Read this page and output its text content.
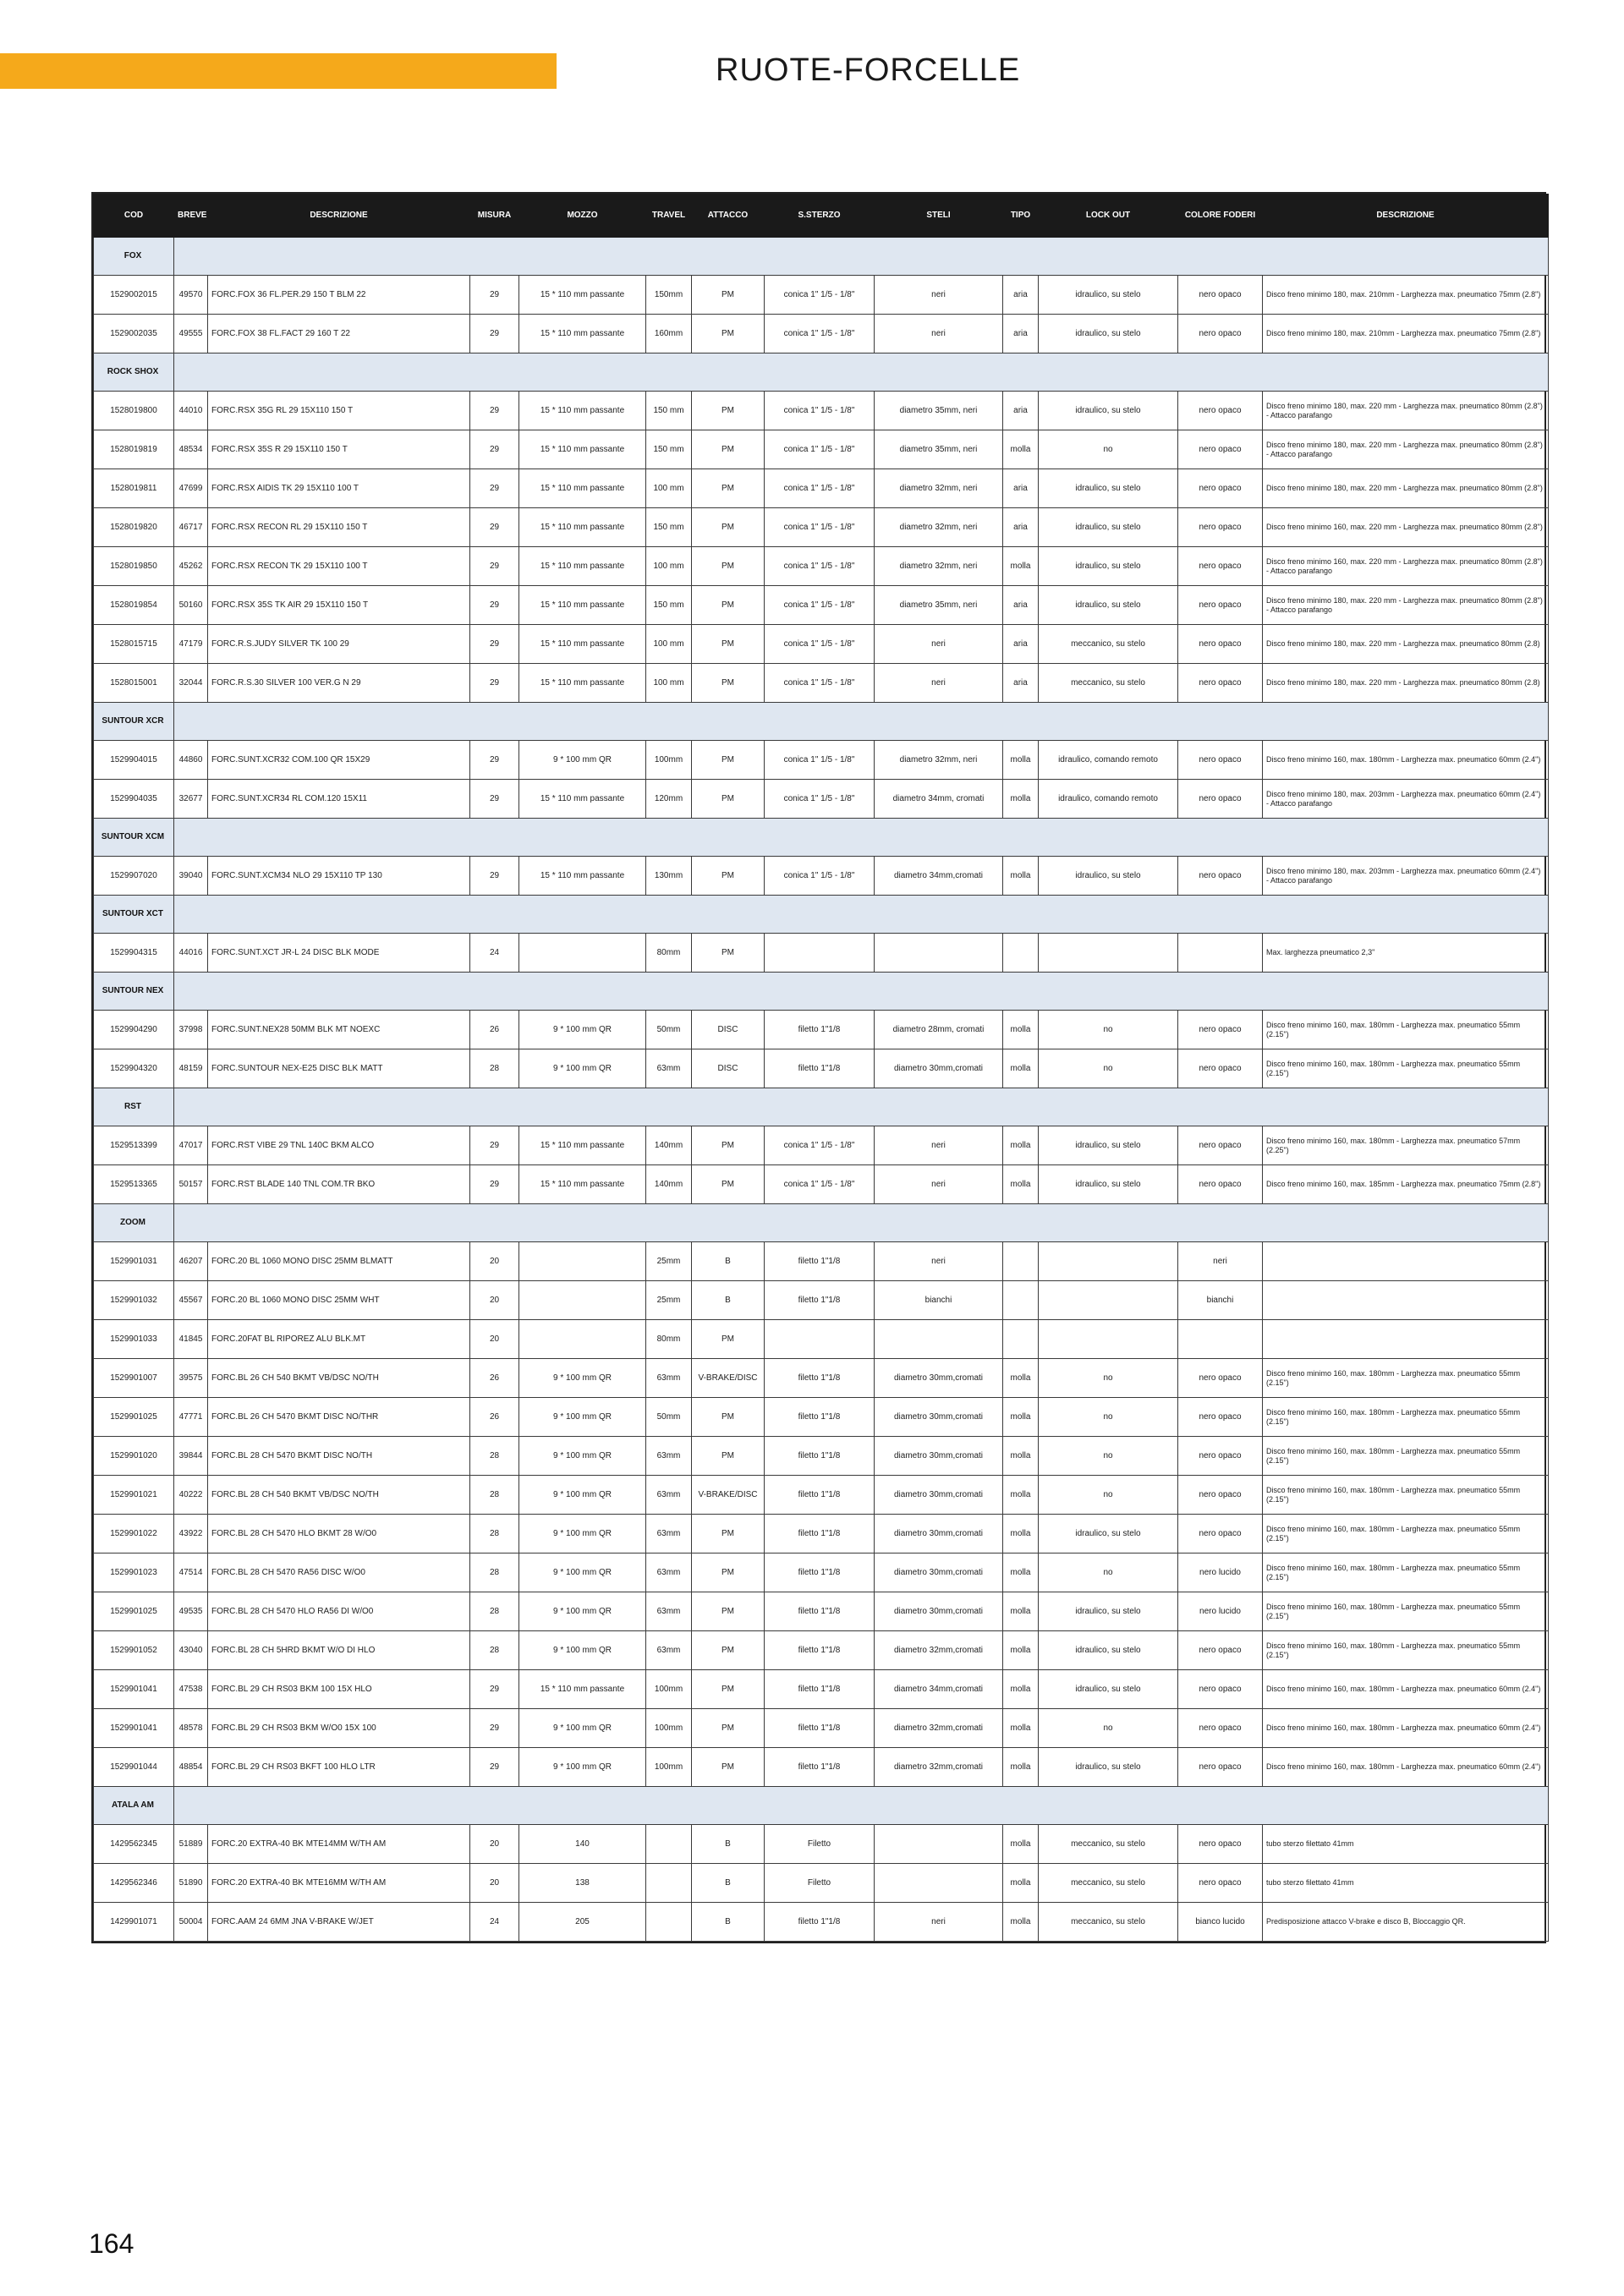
RUOTE-FORCELLE
COD	BREVE	DESCRIZIONE	MISURA	MOZZO	TRAVEL	ATTACCO	S.STERZO	STELI	TIPO	LOCK OUT	COLORE FODERI	DESCRIZIONE
FOX												
1529002015	49570	FORC.FOX 36 FL.PER.29 150 T BLM 22	29	15 * 110 mm passante	150mm	PM	conica 1" 1/5 - 1/8"	neri	aria	idraulico, su stelo	nero opaco	Disco freno minimo 180, max. 210mm - Larghezza max. pneumatico 75mm (2.8")
1529002035	49555	FORC.FOX 38 FL.FACT 29 160 T 22	29	15 * 110 mm passante	160mm	PM	conica 1" 1/5 - 1/8"	neri	aria	idraulico, su stelo	nero opaco	Disco freno minimo 180, max. 210mm - Larghezza max. pneumatico 75mm (2.8")
ROCK SHOX												
1528019800	44010	FORC.RSX 35G RL 29 15X110 150 T	29	15 * 110 mm passante	150 mm	PM	conica 1" 1/5 - 1/8"	diametro 35mm, neri	aria	idraulico, su stelo	nero opaco	Disco freno minimo 180, max. 220 mm - Larghezza max. pneumatico 80mm (2.8") - Attacco parafango
1528019819	48534	FORC.RSX 35S R 29 15X110 150 T	29	15 * 110 mm passante	150 mm	PM	conica 1" 1/5 - 1/8"	diametro 35mm, neri	molla	no	nero opaco	Disco freno minimo 180, max. 220 mm - Larghezza max. pneumatico 80mm (2.8") - Attacco parafango
1528019811	47699	FORC.RSX AIDIS TK 29 15X110 100 T	29	15 * 110 mm passante	100 mm	PM	conica 1" 1/5 - 1/8"	diametro 32mm, neri	aria	idraulico, su stelo	nero opaco	Disco freno minimo 180, max. 220 mm - Larghezza max. pneumatico 80mm (2.8")
1528019820	46717	FORC.RSX RECON RL 29 15X110 150 T	29	15 * 110 mm passante	150 mm	PM	conica 1" 1/5 - 1/8"	diametro 32mm, neri	aria	idraulico, su stelo	nero opaco	Disco freno minimo 160, max. 220 mm - Larghezza max. pneumatico 80mm (2.8")
1528019850	45262	FORC.RSX RECON TK 29 15X110 100 T	29	15 * 110 mm passante	100 mm	PM	conica 1" 1/5 - 1/8"	diametro 32mm, neri	molla	idraulico, su stelo	nero opaco	Disco freno minimo 160, max. 220 mm - Larghezza max. pneumatico 80mm (2.8") - Attacco parafango
1528019854	50160	FORC.RSX 35S TK AIR 29 15X110 150 T	29	15 * 110 mm passante	150 mm	PM	conica 1" 1/5 - 1/8"	diametro 35mm, neri	aria	idraulico, su stelo	nero opaco	Disco freno minimo 180, max. 220 mm - Larghezza max. pneumatico 80mm (2.8") - Attacco parafango
1528015715	47179	FORC.R.S.JUDY SILVER TK 100 29	29	15 * 110 mm passante	100 mm	PM	conica 1" 1/5 - 1/8"	neri	aria	meccanico, su stelo	nero opaco	Disco freno minimo 180, max. 220 mm - Larghezza max. pneumatico 80mm (2.8)
1528015001	32044	FORC.R.S.30 SILVER 100 VER.G N 29	29	15 * 110 mm passante	100 mm	PM	conica 1" 1/5 - 1/8"	neri	aria	meccanico, su stelo	nero opaco	Disco freno minimo 180, max. 220 mm - Larghezza max. pneumatico 80mm (2.8)
SUNTOUR XCR												
1529904015	44860	FORC.SUNT.XCR32 COM.100 QR 15X29	29	9 * 100 mm QR	100mm	PM	conica 1" 1/5 - 1/8"	diametro 32mm, neri	molla	idraulico, comando remoto	nero opaco	Disco freno minimo 160, max. 180mm - Larghezza max. pneumatico 60mm (2.4")
1529904035	32677	FORC.SUNT.XCR34 RL COM.120 15X11	29	15 * 110 mm passante	120mm	PM	conica 1" 1/5 - 1/8"	diametro 34mm, cromati	molla	idraulico, comando remoto	nero opaco	Disco freno minimo 180, max. 203mm - Larghezza max. pneumatico 60mm (2.4") - Attacco parafango
SUNTOUR XCM												
1529907020	39040	FORC.SUNT.XCM34 NLO 29 15X110 TP 130	29	15 * 110 mm passante	130mm	PM	conica 1" 1/5 - 1/8"	diametro 34mm,cromati	molla	idraulico, su stelo	nero opaco	Disco freno minimo 180, max. 203mm - Larghezza max. pneumatico 60mm (2.4") - Attacco parafango
SUNTOUR XCT												
1529904315	44016	FORC.SUNT.XCT JR-L 24 DISC BLK MODE	24		80mm	PM						Max. larghezza pneumatico 2,3"
SUNTOUR NEX												
1529904290	37998	FORC.SUNT.NEX28 50MM BLK MT NOEXC	26	9 * 100 mm QR	50mm	DISC	filetto 1"1/8	diametro 28mm, cromati	molla	no	nero opaco	Disco freno minimo 160, max. 180mm - Larghezza max. pneumatico 55mm (2.15")
1529904320	48159	FORC.SUNTOUR NEX-E25 DISC BLK MATT	28	9 * 100 mm QR	63mm	DISC	filetto 1"1/8	diametro 30mm,cromati	molla	no	nero opaco	Disco freno minimo 160, max. 180mm - Larghezza max. pneumatico 55mm (2.15")
RST												
1529513399	47017	FORC.RST VIBE 29 TNL 140C BKM ALCO	29	15 * 110 mm passante	140mm	PM	conica 1" 1/5 - 1/8"	neri	molla	idraulico, su stelo	nero opaco	Disco freno minimo 160, max. 180mm - Larghezza max. pneumatico 57mm (2.25")
1529513365	50157	FORC.RST BLADE 140 TNL COM.TR BKO	29	15 * 110 mm passante	140mm	PM	conica 1" 1/5 - 1/8"	neri	molla	idraulico, su stelo	nero opaco	Disco freno minimo 160, max. 185mm - Larghezza max. pneumatico 75mm (2.8")
ZOOM												
1529901031	46207	FORC.20 BL 1060 MONO DISC 25MM BLMATT	20		25mm	B	filetto 1"1/8	neri			neri	
1529901032	45567	FORC.20 BL 1060 MONO DISC 25MM WHT	20		25mm	B	filetto 1"1/8	bianchi			bianchi	
1529901033	41845	FORC.20FAT BL RIPOREZ ALU BLK.MT	20		80mm	PM						
1529901007	39575	FORC.BL 26 CH 540 BKMT VB/DSC NO/TH	26	9 * 100 mm QR	63mm	V-BRAKE/DISC	filetto 1"1/8	diametro 30mm,cromati	molla	no	nero opaco	Disco freno minimo 160, max. 180mm - Larghezza max. pneumatico 55mm (2.15")
1529901025	47771	FORC.BL 26 CH 5470 BKMT DISC NO/THR	26	9 * 100 mm QR	50mm	PM	filetto 1"1/8	diametro 30mm,cromati	molla	no	nero opaco	Disco freno minimo 160, max. 180mm - Larghezza max. pneumatico 55mm (2.15")
1529901020	39844	FORC.BL 28 CH 5470 BKMT DISC NO/TH	28	9 * 100 mm QR	63mm	PM	filetto 1"1/8	diametro 30mm,cromati	molla	no	nero opaco	Disco freno minimo 160, max. 180mm - Larghezza max. pneumatico 55mm (2.15")
1529901021	40222	FORC.BL 28 CH 540 BKMT VB/DSC NO/TH	28	9 * 100 mm QR	63mm	V-BRAKE/DISC	filetto 1"1/8	diametro 30mm,cromati	molla	no	nero opaco	Disco freno minimo 160, max. 180mm - Larghezza max. pneumatico 55mm (2.15")
1529901022	43922	FORC.BL 28 CH 5470 HLO BKMT 28 W/O0	28	9 * 100 mm QR	63mm	PM	filetto 1"1/8	diametro 30mm,cromati	molla	idraulico, su stelo	nero opaco	Disco freno minimo 160, max. 180mm - Larghezza max. pneumatico 55mm (2.15")
1529901023	47514	FORC.BL 28 CH 5470 RA56 DISC W/O0	28	9 * 100 mm QR	63mm	PM	filetto 1"1/8	diametro 30mm,cromati	molla	no	nero lucido	Disco freno minimo 160, max. 180mm - Larghezza max. pneumatico 55mm (2.15")
1529901025	49535	FORC.BL 28 CH 5470 HLO RA56 DI W/O0	28	9 * 100 mm QR	63mm	PM	filetto 1"1/8	diametro 30mm,cromati	molla	idraulico, su stelo	nero lucido	Disco freno minimo 160, max. 180mm - Larghezza max. pneumatico 55mm (2.15")
1529901052	43040	FORC.BL 28 CH 5HRD BKMT W/O DI HLO	28	9 * 100 mm QR	63mm	PM	filetto 1"1/8	diametro 32mm,cromati	molla	idraulico, su stelo	nero opaco	Disco freno minimo 160, max. 180mm - Larghezza max. pneumatico 55mm (2.15")
1529901041	47538	FORC.BL 29 CH RS03 BKM 100 15X HLO	29	15 * 110 mm passante	100mm	PM	filetto 1"1/8	diametro 34mm,cromati	molla	idraulico, su stelo	nero opaco	Disco freno minimo 160, max. 180mm - Larghezza max. pneumatico 60mm (2.4")
1529901041	48578	FORC.BL 29 CH RS03 BKM W/O0 15X 100	29	9 * 100 mm QR	100mm	PM	filetto 1"1/8	diametro 32mm,cromati	molla	no	nero opaco	Disco freno minimo 160, max. 180mm - Larghezza max. pneumatico 60mm (2.4")
1529901044	48854	FORC.BL 29 CH RS03 BKFT 100 HLO LTR	29	9 * 100 mm QR	100mm	PM	filetto 1"1/8	diametro 32mm,cromati	molla	idraulico, su stelo	nero opaco	Disco freno minimo 160, max. 180mm - Larghezza max. pneumatico 60mm (2.4")
ATALA AM												
1429562345	51889	FORC.20 EXTRA-40 BK MTE14MM W/TH AM	20	140		B	Filetto		molla	meccanico, su stelo	nero opaco	tubo sterzo filettato 41mm
1429562346	51890	FORC.20 EXTRA-40 BK MTE16MM W/TH AM	20	138		B	Filetto		molla	meccanico, su stelo	nero opaco	tubo sterzo filettato 41mm
1429901071	50004	FORC.AAM 24 6MM JNA V-BRAKE W/JET	24	205		B	filetto 1"1/8	neri	molla	meccanico, su stelo	bianco lucido	Predisposizione attacco V-brake e disco B, Bloccaggio QR.
164
